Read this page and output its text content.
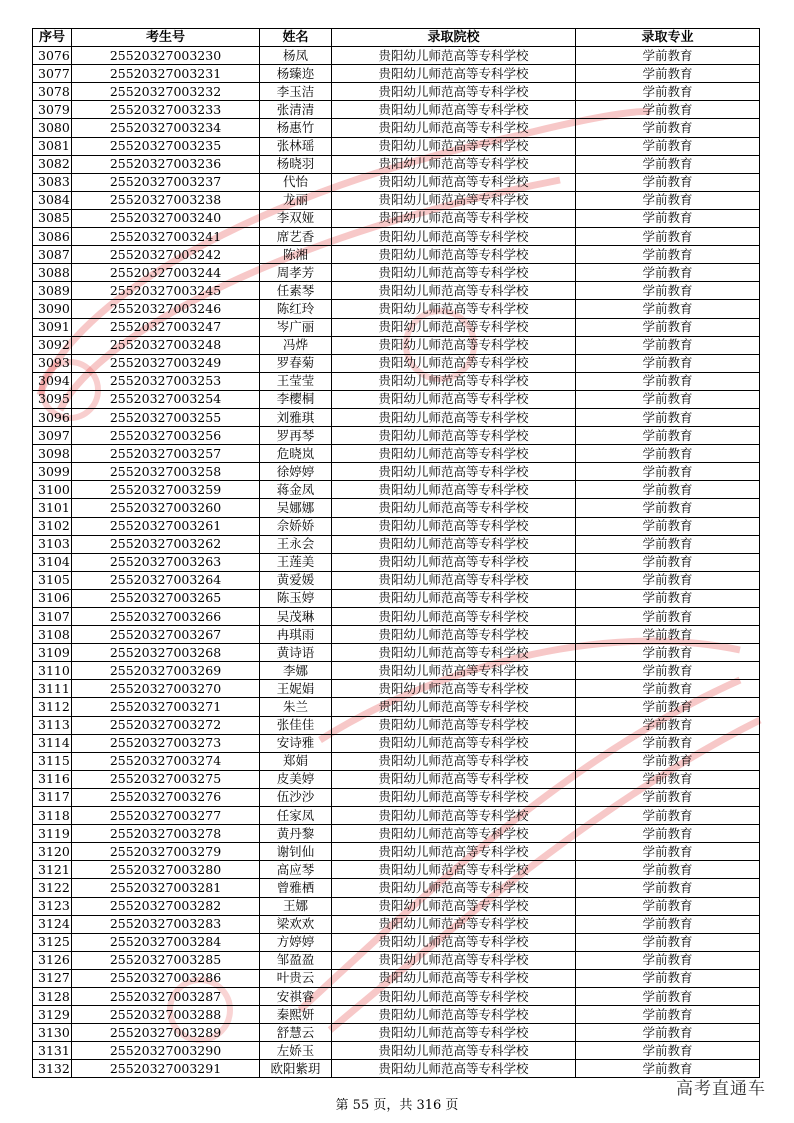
序号	考生号	姓名	录取院校	录取专业
3076	25520327003230	杨凤	贵阳幼儿师范高等专科学校	学前教育
3077	25520327003231	杨臻迩	贵阳幼儿师范高等专科学校	学前教育
3078	25520327003232	李玉洁	贵阳幼儿师范高等专科学校	学前教育
3079	25520327003233	张清清	贵阳幼儿师范高等专科学校	学前教育
3080	25520327003234	杨惠竹	贵阳幼儿师范高等专科学校	学前教育
3081	25520327003235	张林瑶	贵阳幼儿师范高等专科学校	学前教育
3082	25520327003236	杨晓羽	贵阳幼儿师范高等专科学校	学前教育
3083	25520327003237	代怡	贵阳幼儿师范高等专科学校	学前教育
3084	25520327003238	龙丽	贵阳幼儿师范高等专科学校	学前教育
3085	25520327003240	李双娅	贵阳幼儿师范高等专科学校	学前教育
3086	25520327003241	席艺香	贵阳幼儿师范高等专科学校	学前教育
3087	25520327003242	陈湘	贵阳幼儿师范高等专科学校	学前教育
3088	25520327003244	周孝芳	贵阳幼儿师范高等专科学校	学前教育
3089	25520327003245	任素琴	贵阳幼儿师范高等专科学校	学前教育
3090	25520327003246	陈红玲	贵阳幼儿师范高等专科学校	学前教育
3091	25520327003247	岑广丽	贵阳幼儿师范高等专科学校	学前教育
3092	25520327003248	冯烨	贵阳幼儿师范高等专科学校	学前教育
3093	25520327003249	罗春菊	贵阳幼儿师范高等专科学校	学前教育
3094	25520327003253	王莹莹	贵阳幼儿师范高等专科学校	学前教育
3095	25520327003254	李樱桐	贵阳幼儿师范高等专科学校	学前教育
3096	25520327003255	刘雅琪	贵阳幼儿师范高等专科学校	学前教育
3097	25520327003256	罗再琴	贵阳幼儿师范高等专科学校	学前教育
3098	25520327003257	危晓岚	贵阳幼儿师范高等专科学校	学前教育
3099	25520327003258	徐婷婷	贵阳幼儿师范高等专科学校	学前教育
3100	25520327003259	蒋金凤	贵阳幼儿师范高等专科学校	学前教育
3101	25520327003260	吴娜娜	贵阳幼儿师范高等专科学校	学前教育
3102	25520327003261	佘娇娇	贵阳幼儿师范高等专科学校	学前教育
3103	25520327003262	王永会	贵阳幼儿师范高等专科学校	学前教育
3104	25520327003263	王莲美	贵阳幼儿师范高等专科学校	学前教育
3105	25520327003264	黄爱媛	贵阳幼儿师范高等专科学校	学前教育
3106	25520327003265	陈玉婷	贵阳幼儿师范高等专科学校	学前教育
3107	25520327003266	吴茂琳	贵阳幼儿师范高等专科学校	学前教育
3108	25520327003267	冉琪雨	贵阳幼儿师范高等专科学校	学前教育
3109	25520327003268	黄诗语	贵阳幼儿师范高等专科学校	学前教育
3110	25520327003269	李娜	贵阳幼儿师范高等专科学校	学前教育
3111	25520327003270	王妮娟	贵阳幼儿师范高等专科学校	学前教育
3112	25520327003271	朱兰	贵阳幼儿师范高等专科学校	学前教育
3113	25520327003272	张佳佳	贵阳幼儿师范高等专科学校	学前教育
3114	25520327003273	安诗雅	贵阳幼儿师范高等专科学校	学前教育
3115	25520327003274	郑娟	贵阳幼儿师范高等专科学校	学前教育
3116	25520327003275	皮美婷	贵阳幼儿师范高等专科学校	学前教育
3117	25520327003276	伍沙沙	贵阳幼儿师范高等专科学校	学前教育
3118	25520327003277	任家凤	贵阳幼儿师范高等专科学校	学前教育
3119	25520327003278	黄丹黎	贵阳幼儿师范高等专科学校	学前教育
3120	25520327003279	谢钊仙	贵阳幼儿师范高等专科学校	学前教育
3121	25520327003280	高应琴	贵阳幼儿师范高等专科学校	学前教育
3122	25520327003281	曾雅栖	贵阳幼儿师范高等专科学校	学前教育
3123	25520327003282	王娜	贵阳幼儿师范高等专科学校	学前教育
3124	25520327003283	梁欢欢	贵阳幼儿师范高等专科学校	学前教育
3125	25520327003284	方婷婷	贵阳幼儿师范高等专科学校	学前教育
3126	25520327003285	邹盈盈	贵阳幼儿师范高等专科学校	学前教育
3127	25520327003286	叶贵云	贵阳幼儿师范高等专科学校	学前教育
3128	25520327003287	安祺睿	贵阳幼儿师范高等专科学校	学前教育
3129	25520327003288	秦熙妍	贵阳幼儿师范高等专科学校	学前教育
3130	25520327003289	舒慧云	贵阳幼儿师范高等专科学校	学前教育
3131	25520327003290	左娇玉	贵阳幼儿师范高等专科学校	学前教育
3132	25520327003291	欧阳紫玥	贵阳幼儿师范高等专科学校	学前教育
第 55 页，共 316 页
高考直通车
